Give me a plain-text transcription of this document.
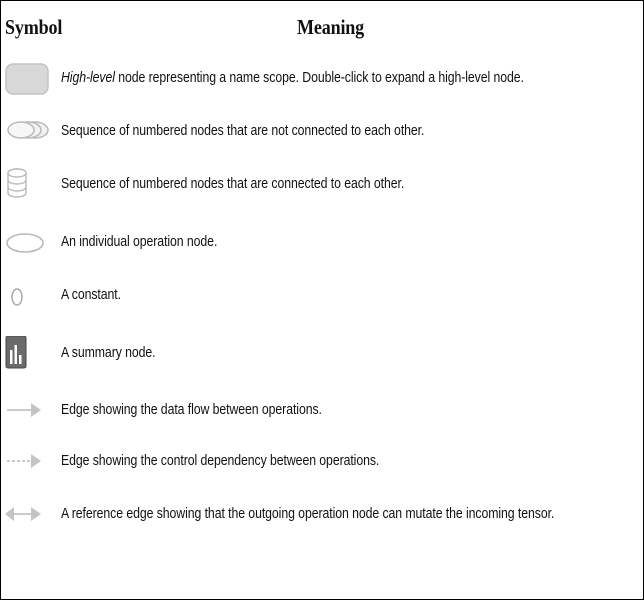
Symbol	Meaning
High-level node representing a name scope. Double-click to expand a high-level node.
Sequence of numbered nodes that are not connected to each other.
Sequence of numbered nodes that are connected to each other.
An individual operation node.
A constant.
A summary node.
Edge showing the data flow between operations.
Edge showing the control dependency between operations.
A reference edge showing that the outgoing operation node can mutate the incoming tensor.
